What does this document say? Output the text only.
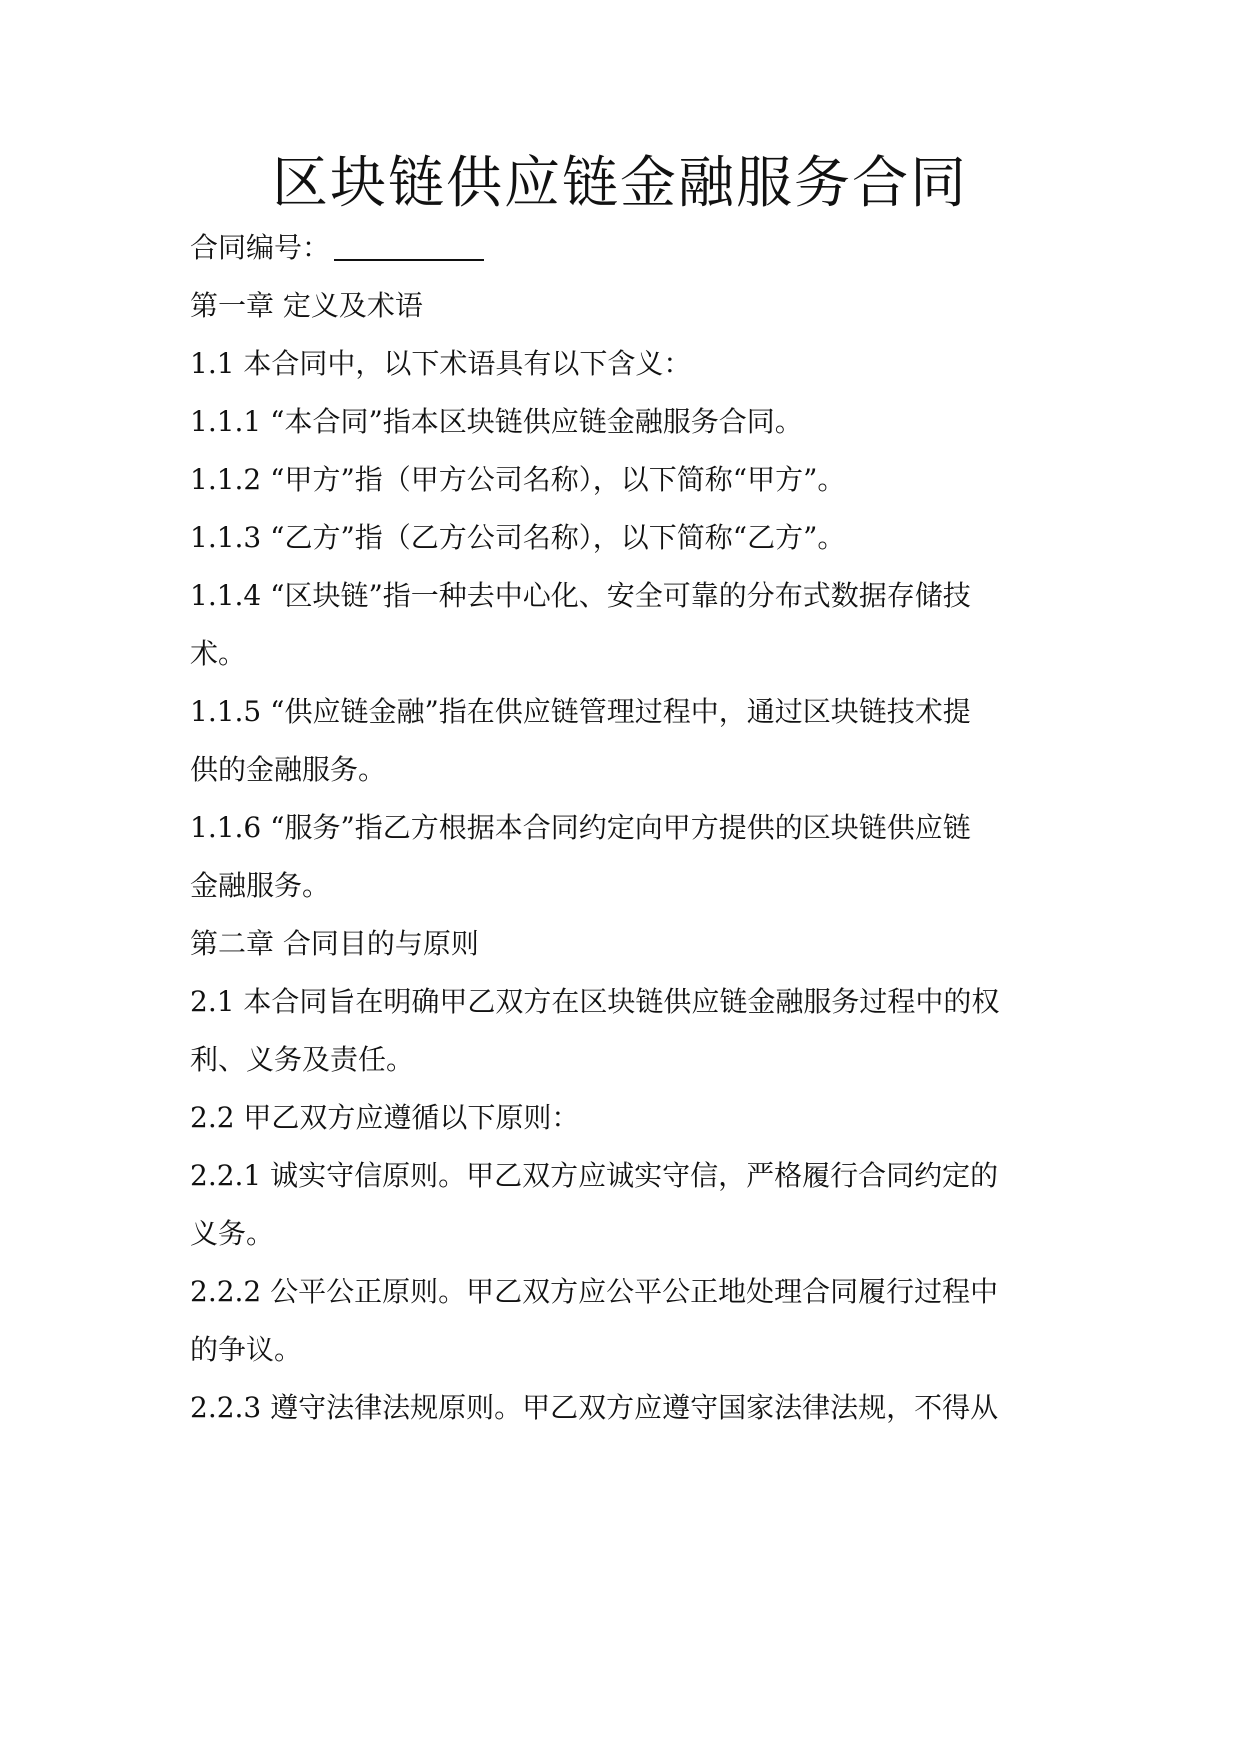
区块链供应链金融服务合同
合同编号：
第一章 定义及术语
1.1 本合同中，以下术语具有以下含义：
1.1.1 “本合同”指本区块链供应链金融服务合同。
1.1.2 “甲方”指（甲方公司名称），以下简称“甲方”。
1.1.3 “乙方”指（乙方公司名称），以下简称“乙方”。
1.1.4 “区块链”指一种去中心化、安全可靠的分布式数据存储技
术。
1.1.5 “供应链金融”指在供应链管理过程中，通过区块链技术提
供的金融服务。
1.1.6 “服务”指乙方根据本合同约定向甲方提供的区块链供应链
金融服务。
第二章 合同目的与原则
2.1 本合同旨在明确甲乙双方在区块链供应链金融服务过程中的权
利、义务及责任。
2.2 甲乙双方应遵循以下原则：
2.2.1 诚实守信原则。甲乙双方应诚实守信，严格履行合同约定的
义务。
2.2.2 公平公正原则。甲乙双方应公平公正地处理合同履行过程中
的争议。
2.2.3 遵守法律法规原则。甲乙双方应遵守国家法律法规，不得从
